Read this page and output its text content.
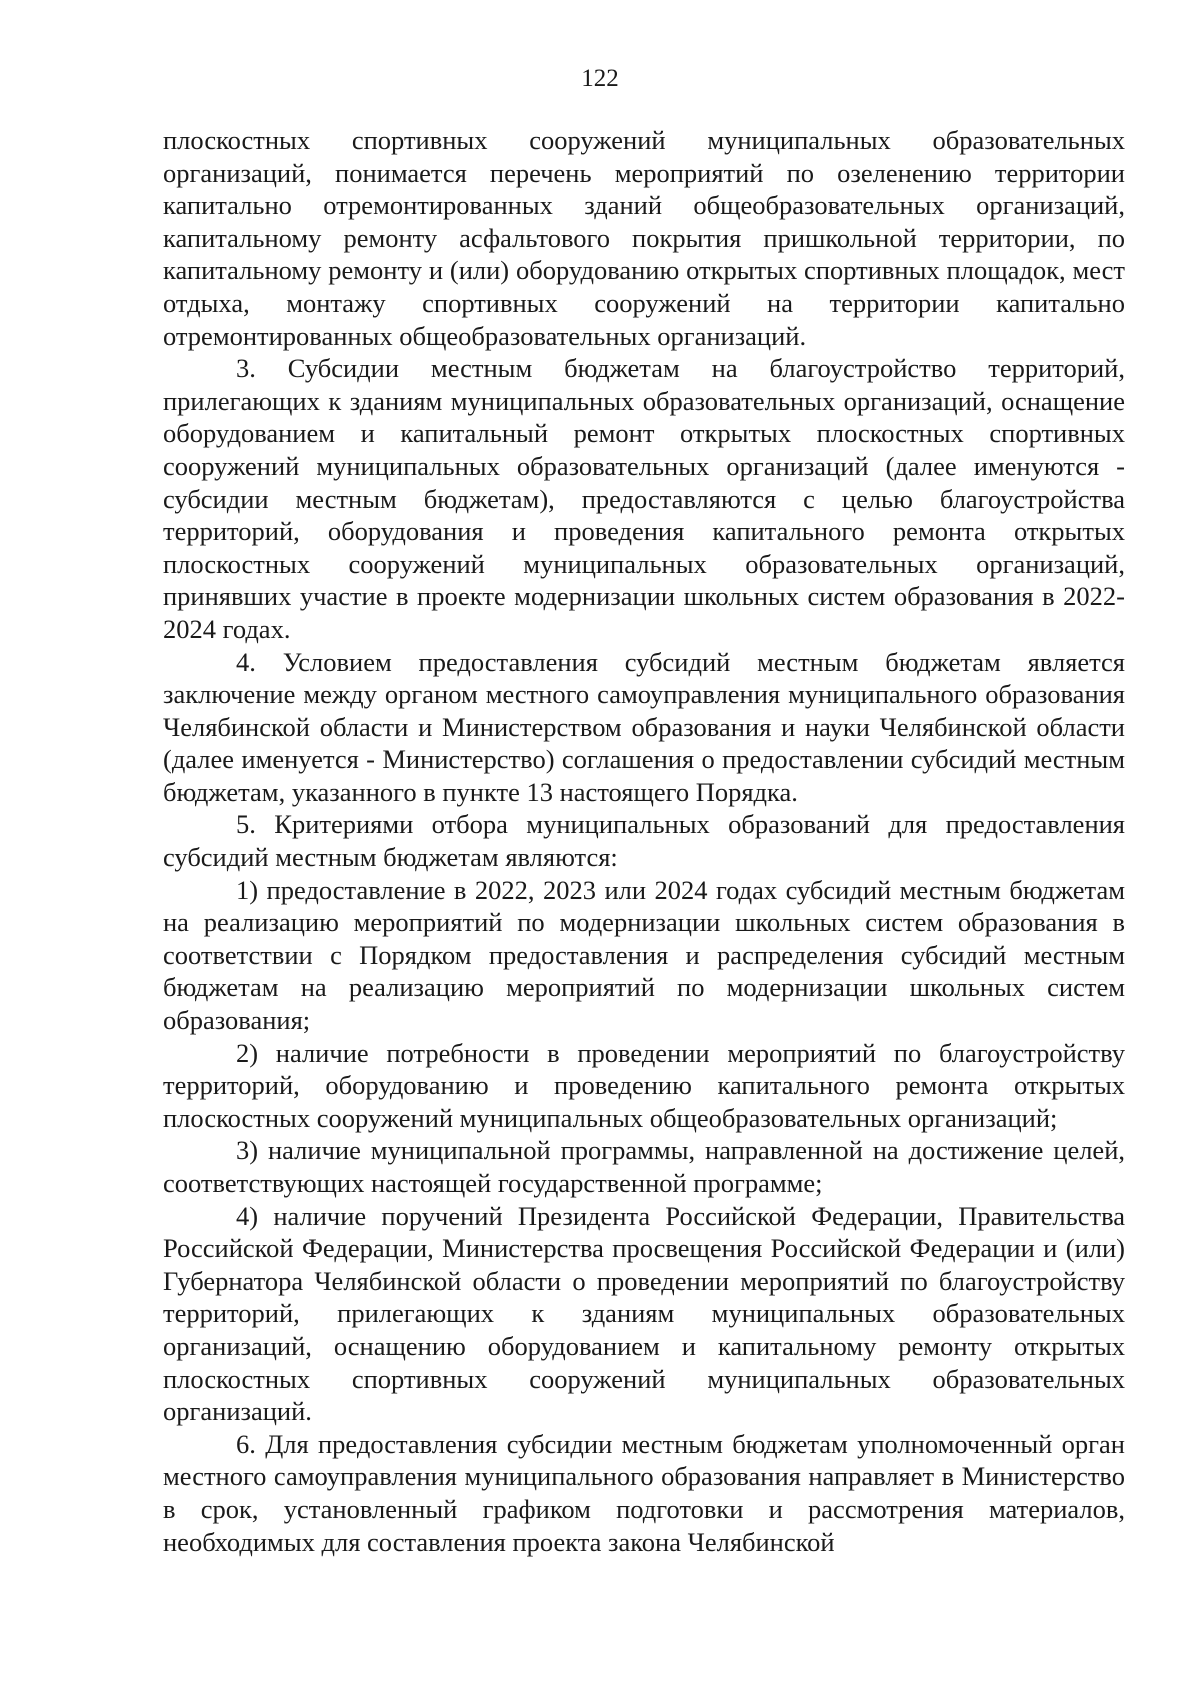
122

плоскостных спортивных сооружений муниципальных образовательных организаций, понимается перечень мероприятий по озеленению территории капитально отремонтированных зданий общеобразовательных организаций, капитальному ремонту асфальтового покрытия пришкольной территории, по капитальному ремонту и (или) оборудованию открытых спортивных площадок, мест отдыха, монтажу спортивных сооружений на территории капитально отремонтированных общеобразовательных организаций.

3. Субсидии местным бюджетам на благоустройство территорий, прилегающих к зданиям муниципальных образовательных организаций, оснащение оборудованием и капитальный ремонт открытых плоскостных спортивных сооружений муниципальных образовательных организаций (далее именуются - субсидии местным бюджетам), предоставляются с целью благоустройства территорий, оборудования и проведения капитального ремонта открытых плоскостных сооружений муниципальных образовательных организаций, принявших участие в проекте модернизации школьных систем образования в 2022-2024 годах.

4. Условием предоставления субсидий местным бюджетам является заключение между органом местного самоуправления муниципального образования Челябинской области и Министерством образования и науки Челябинской области (далее именуется - Министерство) соглашения о предоставлении субсидий местным бюджетам, указанного в пункте 13 настоящего Порядка.

5. Критериями отбора муниципальных образований для предоставления субсидий местным бюджетам являются:

1) предоставление в 2022, 2023 или 2024 годах субсидий местным бюджетам на реализацию мероприятий по модернизации школьных систем образования в соответствии с Порядком предоставления и распределения субсидий местным бюджетам на реализацию мероприятий по модернизации школьных систем образования;

2) наличие потребности в проведении мероприятий по благоустройству территорий, оборудованию и проведению капитального ремонта открытых плоскостных сооружений муниципальных общеобразовательных организаций;

3) наличие муниципальной программы, направленной на достижение целей, соответствующих настоящей государственной программе;

4) наличие поручений Президента Российской Федерации, Правительства Российской Федерации, Министерства просвещения Российской Федерации и (или) Губернатора Челябинской области о проведении мероприятий по благоустройству территорий, прилегающих к зданиям муниципальных образовательных организаций, оснащению оборудованием и капитальному ремонту открытых плоскостных спортивных сооружений муниципальных образовательных организаций.

6. Для предоставления субсидии местным бюджетам уполномоченный орган местного самоуправления муниципального образования направляет в Министерство в срок, установленный графиком подготовки и рассмотрения материалов, необходимых для составления проекта закона Челябинской
